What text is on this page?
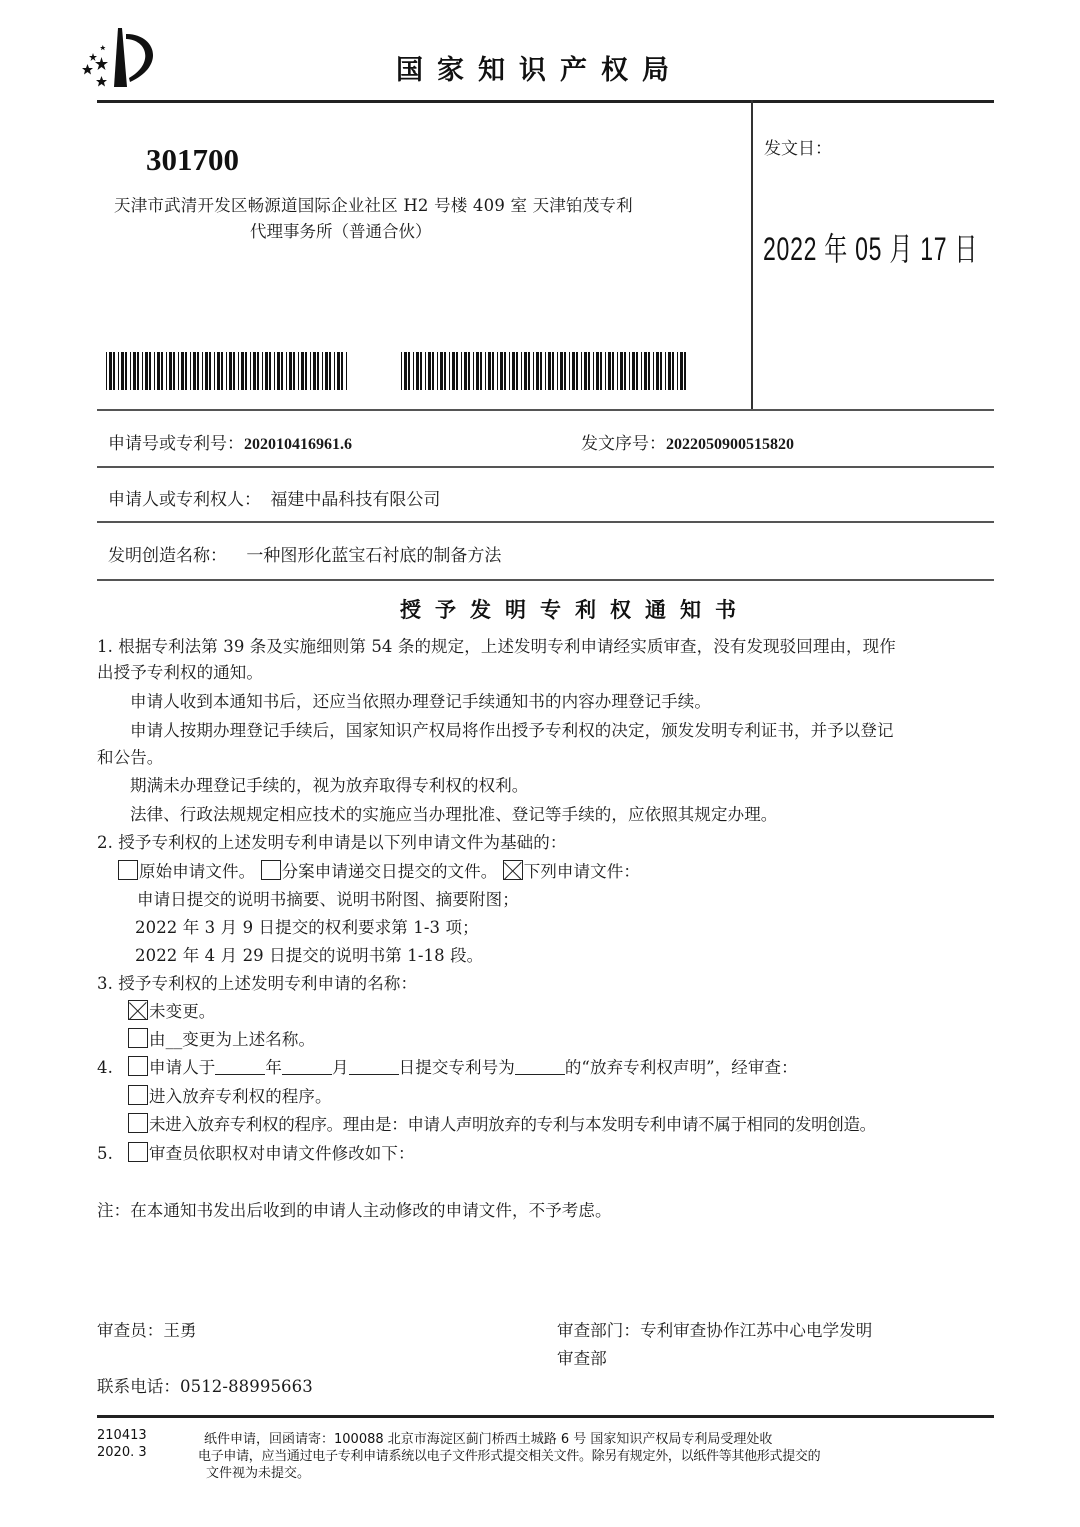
国家知识产权局
301700
天津市武清开发区畅源道国际企业社区 H2 号楼 409 室 天津铂茂专利
代理事务所（普通合伙）
发文日：
2022 年 05 月 17 日
申请号或专利号：202010416961.6	发文序号：2022050900515820
申请人或专利权人： 福建中晶科技有限公司
发明创造名称： 一种图形化蓝宝石衬底的制备方法
授予发明专利权通知书
1. 根据专利法第 39 条及实施细则第 54 条的规定，上述发明专利申请经实质审查，没有发现驳回理由，现作
出授予专利权的通知。
申请人收到本通知书后，还应当依照办理登记手续通知书的内容办理登记手续。
申请人按期办理登记手续后，国家知识产权局将作出授予专利权的决定，颁发发明专利证书，并予以登记
和公告。
期满未办理登记手续的，视为放弃取得专利权的权利。
法律、行政法规规定相应技术的实施应当办理批准、登记等手续的，应依照其规定办理。
2. 授予专利权的上述发明专利申请是以下列申请文件为基础的：
原始申请文件。 分案申请递交日提交的文件。 下列申请文件：
申请日提交的说明书摘要、说明书附图、摘要附图；
2022 年 3 月 9 日提交的权利要求第 1-3 项；
2022 年 4 月 29 日提交的说明书第 1-18 段。
3. 授予专利权的上述发明专利申请的名称：
未变更。
由__变更为上述名称。
4. 申请人于	年	月	日提交专利号为	的“放弃专利权声明”，经审查：
进入放弃专利权的程序。
未进入放弃专利权的程序。理由是：申请人声明放弃的专利与本发明专利申请不属于相同的发明创造。
5. 审查员依职权对申请文件修改如下：
注：在本通知书发出后收到的申请人主动修改的申请文件，不予考虑。
审查员：王勇	审查部门：专利审查协作江苏中心电学发明
审查部
联系电话：0512-88995663
210413
2020. 3
纸件申请，回函请寄：100088 北京市海淀区蓟门桥西土城路 6 号 国家知识产权局专利局受理处收
电子申请，应当通过电子专利申请系统以电子文件形式提交相关文件。除另有规定外，以纸件等其他形式提交的
文件视为未提交。
